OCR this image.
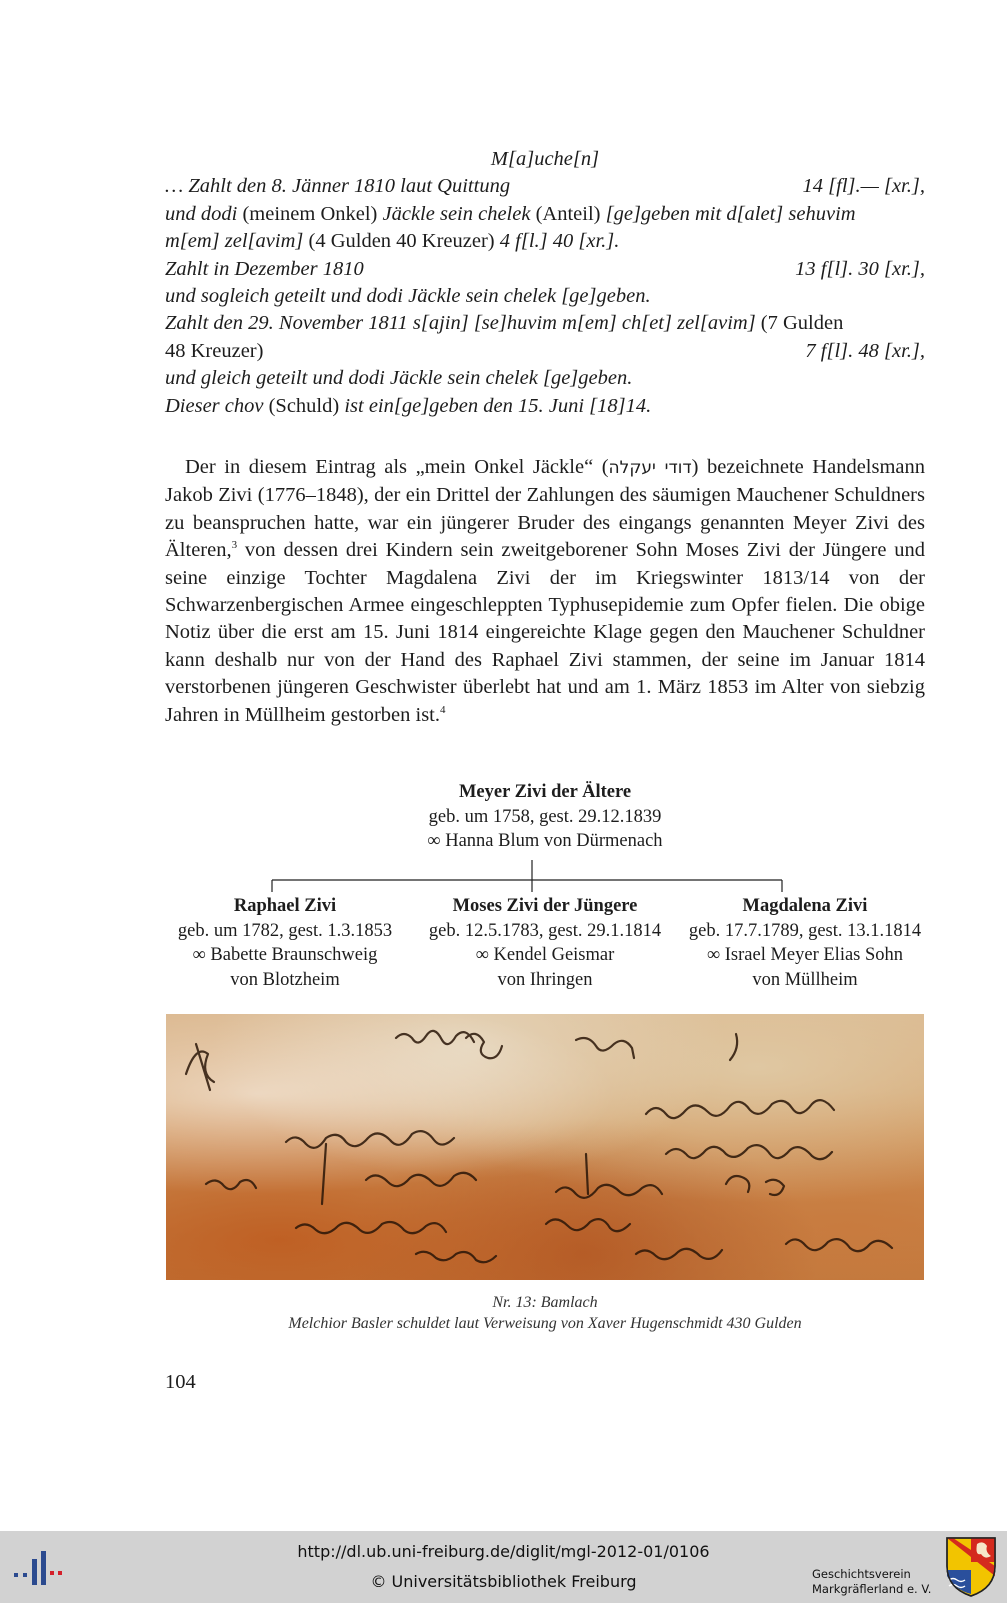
M[a]uche[n]
… Zahlt den 8. Jänner 1810 laut Quittung	14 [fl].— [xr.],
und dodi (meinem Onkel) Jäckle sein chelek (Anteil) [ge]geben mit d[alet] sehuvim
m[em] zel[avim] (4 Gulden 40 Kreuzer) 4 f[l.] 40 [xr.].
Zahlt in Dezember 1810	13 f[l]. 30 [xr.],
und sogleich geteilt und dodi Jäckle sein chelek [ge]geben.
Zahlt den 29. November 1811 s[ajin] [se]huvim m[em] ch[et] zel[avim] (7 Gulden
48 Kreuzer)	7 f[l]. 48 [xr.],
und gleich geteilt und dodi Jäckle sein chelek [ge]geben.
Dieser chov (Schuld) ist ein[ge]geben den 15. Juni [18]14.

Der in diesem Eintrag als „mein Onkel Jäckle“ (דודי יעקלה) bezeichnete Handelsmann Jakob Zivi (1776–1848), der ein Drittel der Zahlungen des säumigen Mauchener Schuldners zu beanspruchen hatte, war ein jüngerer Bruder des eingangs genannten Meyer Zivi des Älteren,$^3$ von dessen drei Kindern sein zweitgeborener Sohn Moses Zivi der Jüngere und seine einzige Tochter Magdalena Zivi der im Kriegswinter 1813/14 von der Schwarzenbergischen Armee eingeschleppten Typhusepidemie zum Opfer fielen. Die obige Notiz über die erst am 15. Juni 1814 eingereichte Klage gegen den Mauchener Schuldner kann deshalb nur von der Hand des Raphael Zivi stammen, der seine im Januar 1814 verstorbenen jüngeren Geschwister überlebt hat und am 1. März 1853 im Alter von siebzig Jahren in Müllheim gestorben ist.$^4$

Meyer Zivi der Ältere
geb. um 1758, gest. 29.12.1839
∞ Hanna Blum von Dürmenach
Raphael Zivi
geb. um 1782, gest. 1.3.1853
∞ Babette Braunschweig
von Blotzheim
Moses Zivi der Jüngere
geb. 12.5.1783, gest. 29.1.1814
∞ Kendel Geismar
von Ihringen
Magdalena Zivi
geb. 17.7.1789, gest. 13.1.1814
∞ Israel Meyer Elias Sohn
von Müllheim
Nr. 13: Bamlach
Melchior Basler schuldet laut Verweisung von Xaver Hugenschmidt 430 Gulden
104
http://dl.ub.uni-freiburg.de/diglit/mgl-2012-01/0106
© Universitätsbibliothek Freiburg	Geschichtsverein
Markgräflerland e. V.
